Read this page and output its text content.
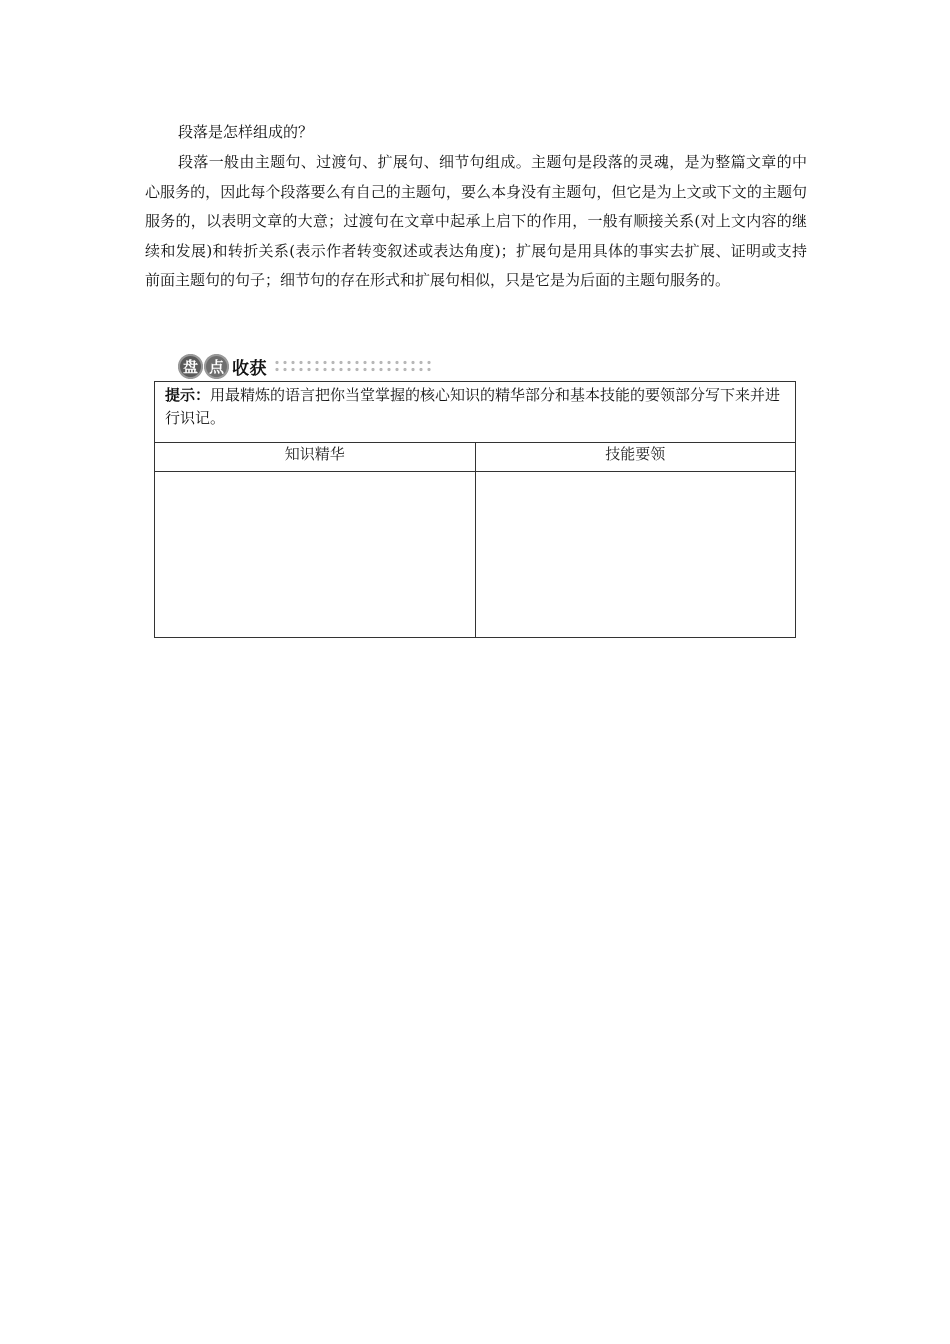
段落是怎样组成的？

段落一般由主题句、过渡句、扩展句、细节句组成。主题句是段落的灵魂，是为整篇文章的中心服务的，因此每个段落要么有自己的主题句，要么本身没有主题句，但它是为上文或下文的主题句服务的，以表明文章的大意；过渡句在文章中起承上启下的作用，一般有顺接关系(对上文内容的继续和发展)和转折关系(表示作者转变叙述或表达角度)；扩展句是用具体的事实去扩展、证明或支持前面主题句的句子；细节句的存在形式和扩展句相似，只是它是为后面的主题句服务的。

盘 点 收获
提示：用最精炼的语言把你当堂掌握的核心知识的精华部分和基本技能的要领部分写下来并进行识记。	
知识精华	技能要领
